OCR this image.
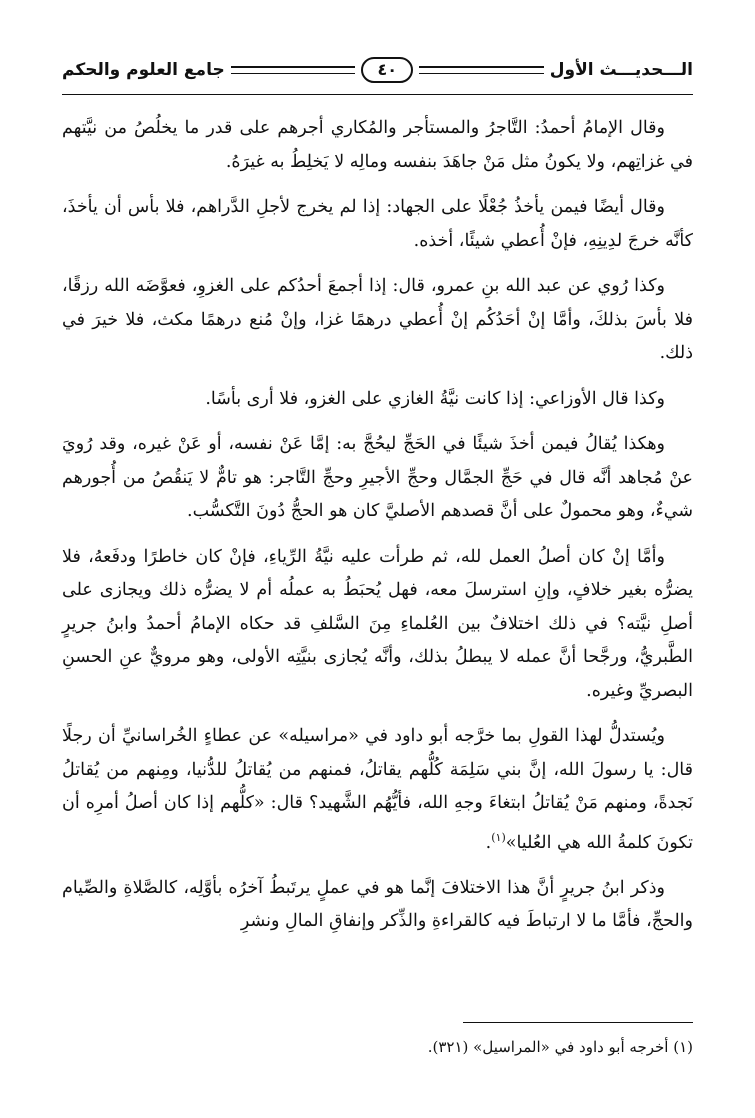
الـــحديـــث الأول
٤٠
جامع العلوم والحكم

وقال الإمامُ أحمدُ: التَّاجرُ والمستأجر والمُكاري أجرهم على قدر ما يخلُصُ من نيَّتهم في غزاتِهم، ولا يكونُ مثل مَنْ جاهَدَ بنفسه ومالِه لا يَخلِطُ به غيرَهُ.

وقال أيضًا فيمن يأخذُ جُعْلًا على الجهاد: إذا لم يخرج لأجلِ الدَّراهم، فلا بأس أن يأخذَ، كأنَّه خرجَ لدِينِهِ، فإنْ أُعطي شيئًا، أخذه.

وكذا رُوي عن عبد الله بنِ عمرو، قال: إذا أجمعَ أحدُكم على الغزوِ، فعوَّضَه الله رزقًا، فلا بأسَ بذلكَ، وأمَّا إنْ أحَدُكُم إنْ أُعطي درهمًا غزا، وإنْ مُنع درهمًا مكث، فلا خيرَ في ذلك.

وكذا قال الأوزاعي: إذا كانت نيَّةُ الغازي على الغزو، فلا أرى بأسًا.

وهكذا يُقالُ فيمن أخذَ شيئًا في الحَجِّ ليحُجَّ به: إمَّا عَنْ نفسه، أو عَنْ غيره، وقد رُويَ عنْ مُجاهد أنَّه قال في حَجِّ الجمَّال وحجِّ الأجيرِ وحجِّ التَّاجر: هو تامٌّ لا يَنقُصُ من أُجورهم شيءٌ، وهو محمولٌ على أنَّ قصدهم الأصليَّ كان هو الحجُّ دُونَ التَّكسُّب.

وأمَّا إنْ كان أصلُ العمل لله، ثم طرأت عليه نيَّةُ الرِّياءِ، فإنْ كان خاطرًا ودفَعهُ، فلا يضرُّه بغير خلافٍ، وإنِ استرسلَ معه، فهل يُحبَطُ به عملُه أم لا يضرُّه ذلك ويجازى على أصلِ نيَّته؟ في ذلك اختلافٌ بين العُلماءِ مِنَ السَّلفِ قد حكاه الإمامُ أحمدُ وابنُ جريرٍ الطَّبريُّ، ورجَّحا أنَّ عمله لا يبطلُ بذلك، وأنَّه يُجازى بنيَّتِه الأولى، وهو مرويٌّ عنِ الحسنِ البصريِّ وغيره.

ويُستدلُّ لهذا القولِ بما خرَّجه أبو داود في «مراسيله» عن عطاءٍ الخُراسانيِّ أن رجلًا قال: يا رسولَ الله، إنَّ بني سَلِمَة كُلُّهم يقاتلُ، فمنهم من يُقاتلُ للدُّنيا، ومِنهم من يُقاتلُ نَجدةً، ومنهم مَنْ يُقاتلُ ابتغاءَ وجهِ الله، فأيُّهُم الشَّهيد؟ قال: «كلُّهم إذا كان أصلُ أمرِه أن تكونَ كلمةُ الله هي العُليا»$^{(١)}$.

وذكر ابنُ جريرٍ أنَّ هذا الاختلافَ إنَّما هو في عملٍ يرتَبطُ آخرُه بأوَّلِه، كالصَّلاةِ والصِّيام والحجِّ، فأمَّا ما لا ارتباطَ فيه كالقراءةِ والذِّكر وإنفاقِ المالِ ونشرِ

(١) أخرجه أبو داود في «المراسيل» (٣٢١).
